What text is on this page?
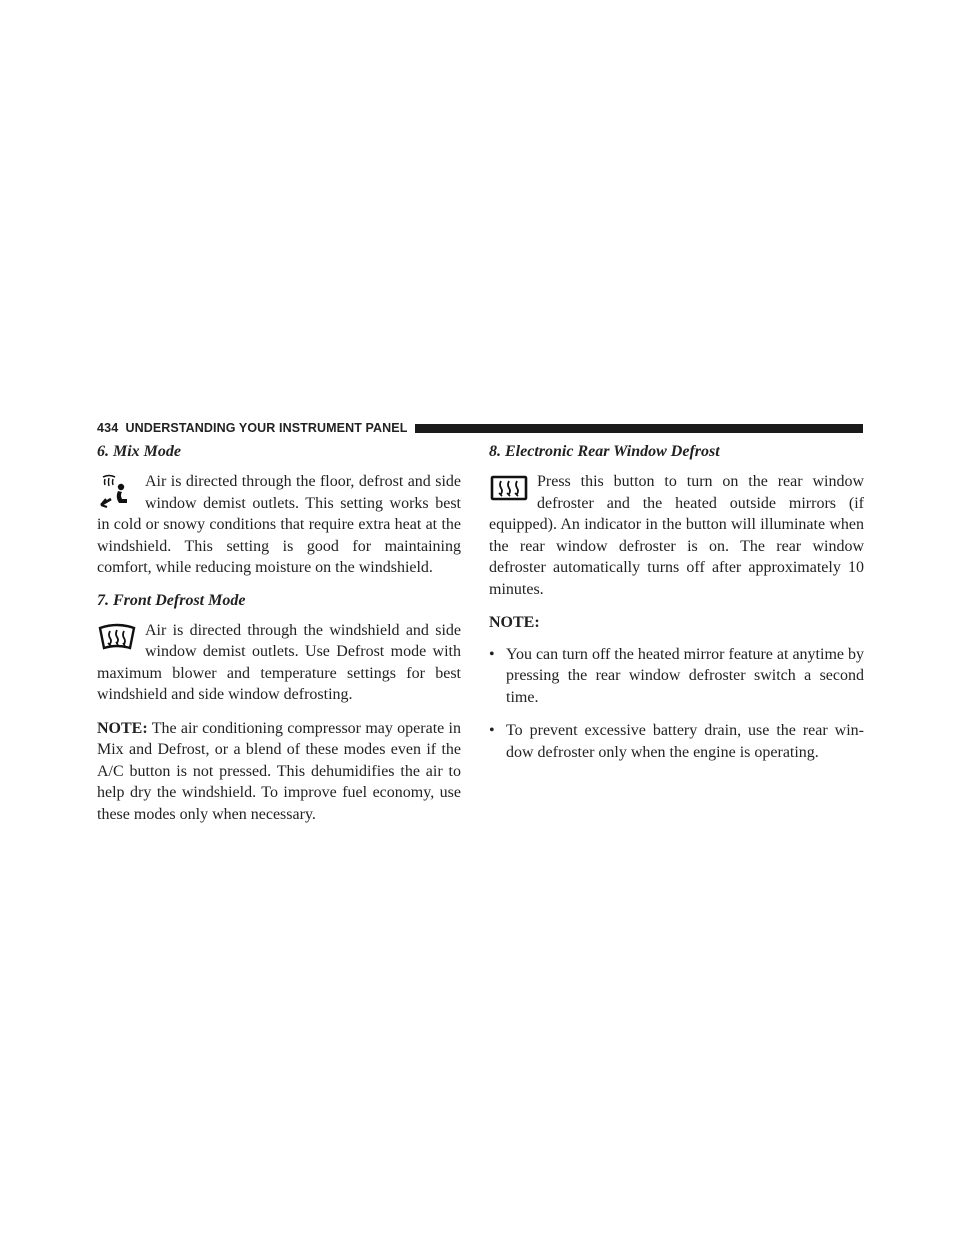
434 UNDERSTANDING YOUR INSTRUMENT PANEL
6. Mix Mode

Air is directed through the floor, defrost and side window demist outlets. This setting works best in cold or snowy conditions that require extra heat at the windshield. This setting is good for maintaining comfort, while reducing moisture on the windshield.

7. Front Defrost Mode

Air is directed through the windshield and side window demist outlets. Use Defrost mode with maximum blower and temperature settings for best windshield and side window defrosting.

NOTE: The air conditioning compressor may operate in Mix and Defrost, or a blend of these modes even if the A/C button is not pressed. This dehumidifies the air to help dry the windshield. To improve fuel economy, use these modes only when necessary.

8. Electronic Rear Window Defrost

Press this button to turn on the rear window defroster and the heated outside mirrors (if equipped). An indicator in the button will illuminate when the rear window defroster is on. The rear window defroster automatically turns off after approximately 10 minutes.

NOTE:

• You can turn off the heated mirror feature at anytime by pressing the rear window defroster switch a second time.
• To prevent excessive battery drain, use the rear win- dow defroster only when the engine is operating.
